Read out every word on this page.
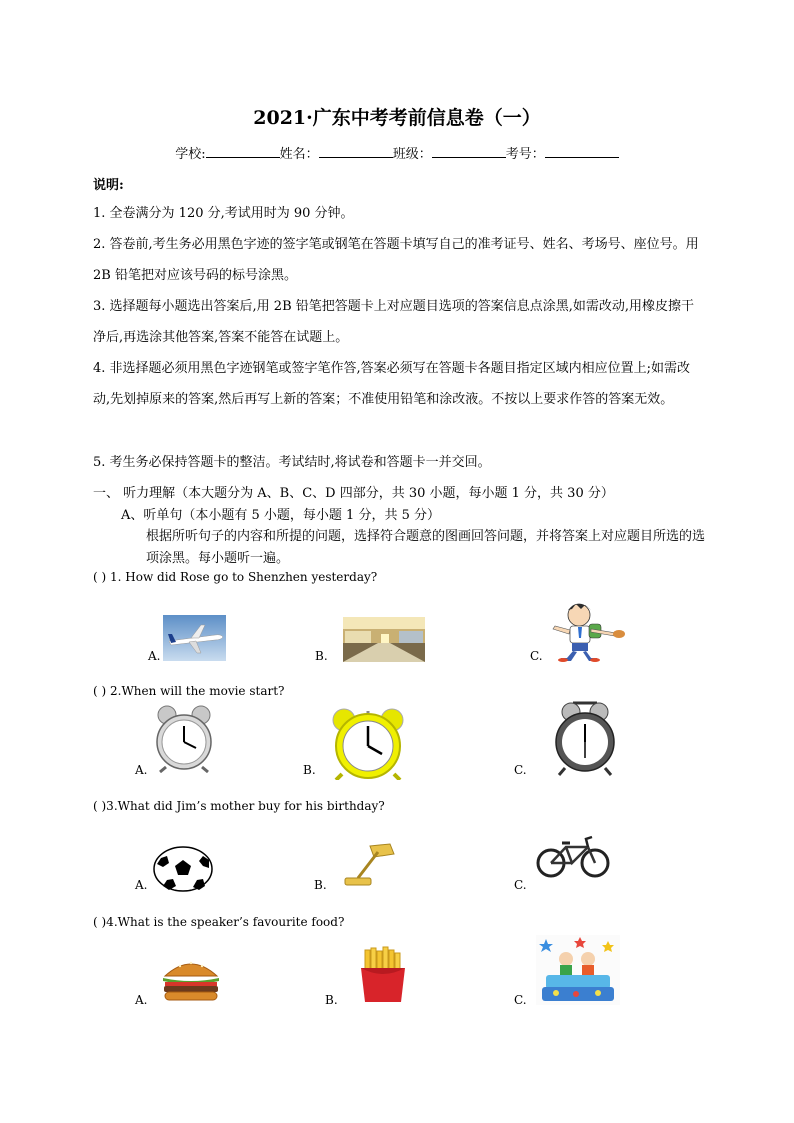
2021·广东中考考前信息卷（一）
学校:	姓名：	班级：	考号：
说明:
1. 全卷满分为 120 分,考试用时为 90 分钟。
2. 答卷前,考生务必用黑色字迹的签字笔或钢笔在答题卡填写自己的准考证号、姓名、考场号、座位号。用 2B 铅笔把对应该号码的标号涂黑。
3. 选择题每小题选出答案后,用 2B 铅笔把答题卡上对应题目选项的答案信息点涂黑,如需改动,用橡皮擦干净后,再选涂其他答案,答案不能答在试题上。
4. 非选择题必须用黑色字迹钢笔或签字笔作答,答案必须写在答题卡各题目指定区域内相应位置上;如需改动,先划掉原来的答案,然后再写上新的答案；不准使用铅笔和涂改液。不按以上要求作答的答案无效。
5. 考生务必保持答题卡的整洁。考试结时,将试卷和答题卡一并交回。
一、 听力理解（本大题分为 A、B、C、D 四部分，共 30 小题，每小题 1 分，共 30 分）
A、听单句（本小题有 5 小题，每小题 1 分，共 5 分）
根据所听句子的内容和所提的问题，选择符合题意的图画回答问题，并将答案上对应题目所选的选项涂黑。每小题听一遍。
( ) 1. How did Rose go to Shenzhen yesterday?
A.	B.	C.
( ) 2.When will the movie start?
A.	B.	C.
( )3.What did Jim’s mother buy for his birthday?
A.	B.	C.
( )4.What is the speaker’s favourite food?
A.	B.	C.
